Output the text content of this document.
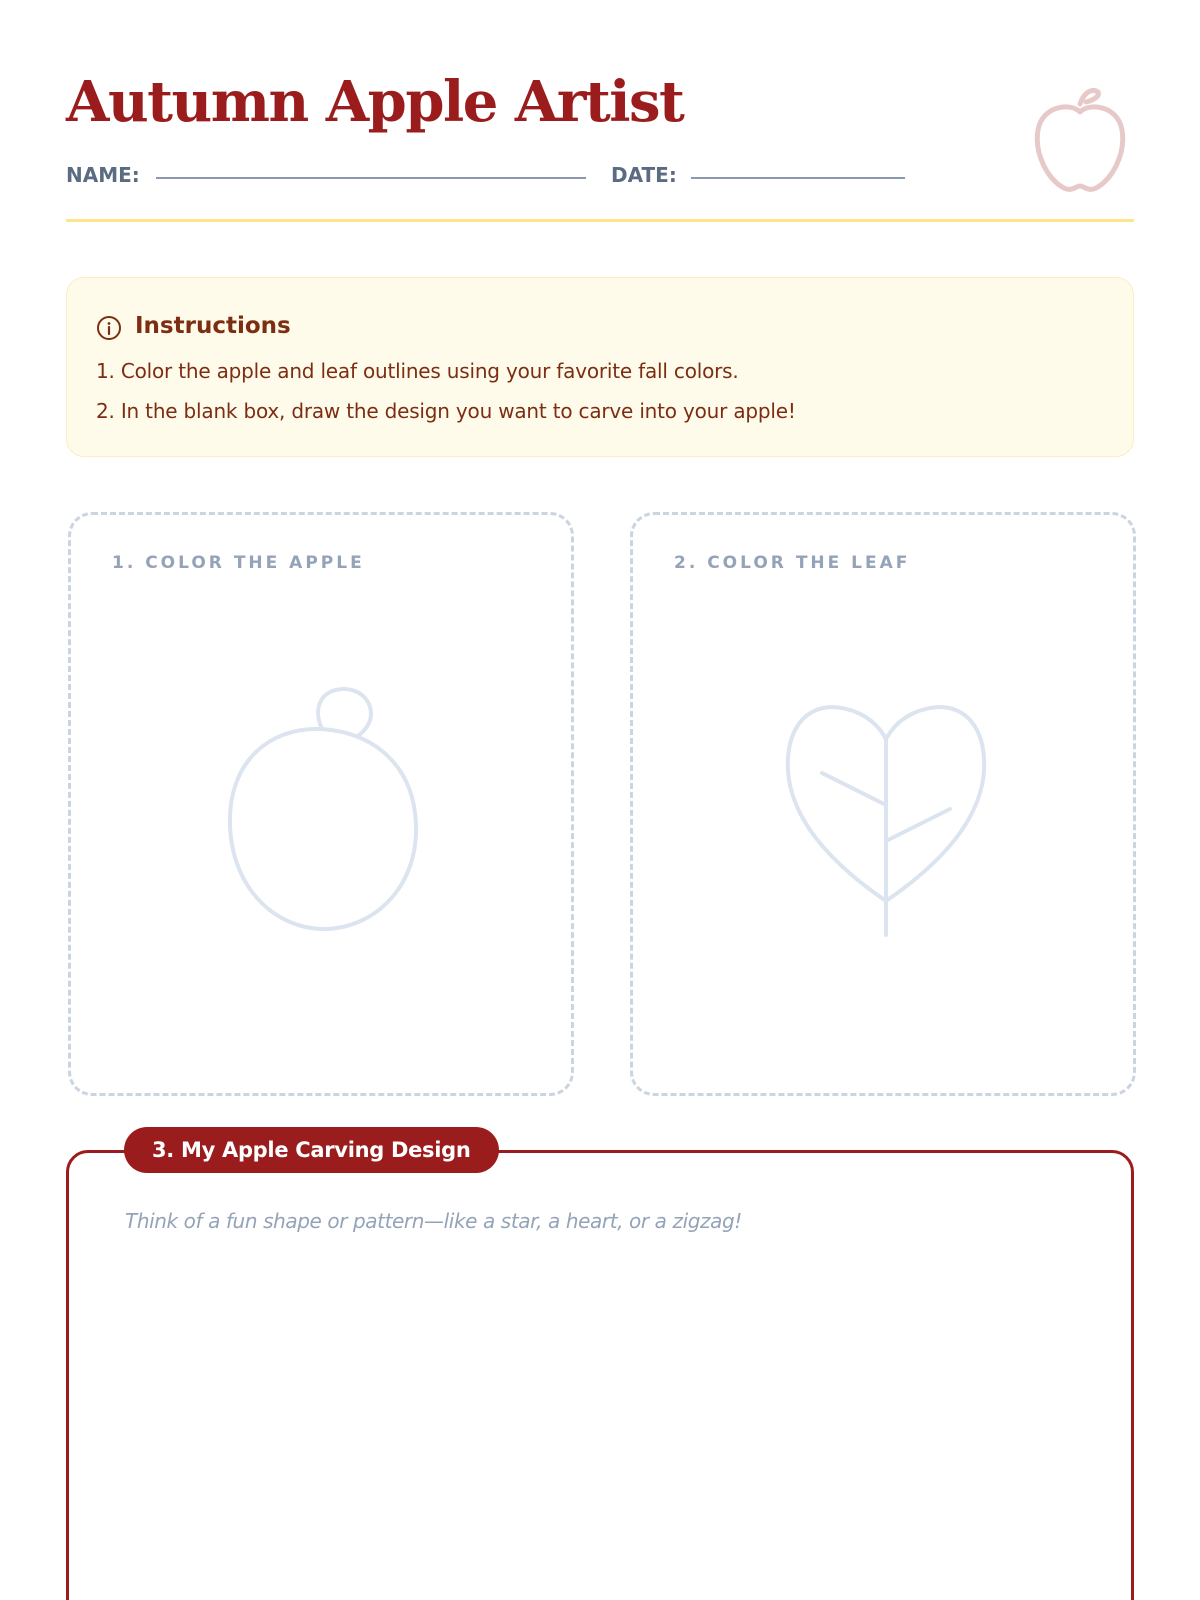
Autumn Apple Artist
NAME:	DATE:
Instructions
1. Color the apple and leaf outlines using your favorite fall colors.
2. In the blank box, draw the design you want to carve into your apple!
1. COLOR THE APPLE	2. COLOR THE LEAF
3. My Apple Carving Design
Think of a fun shape or pattern—like a star, a heart, or a zigzag!
